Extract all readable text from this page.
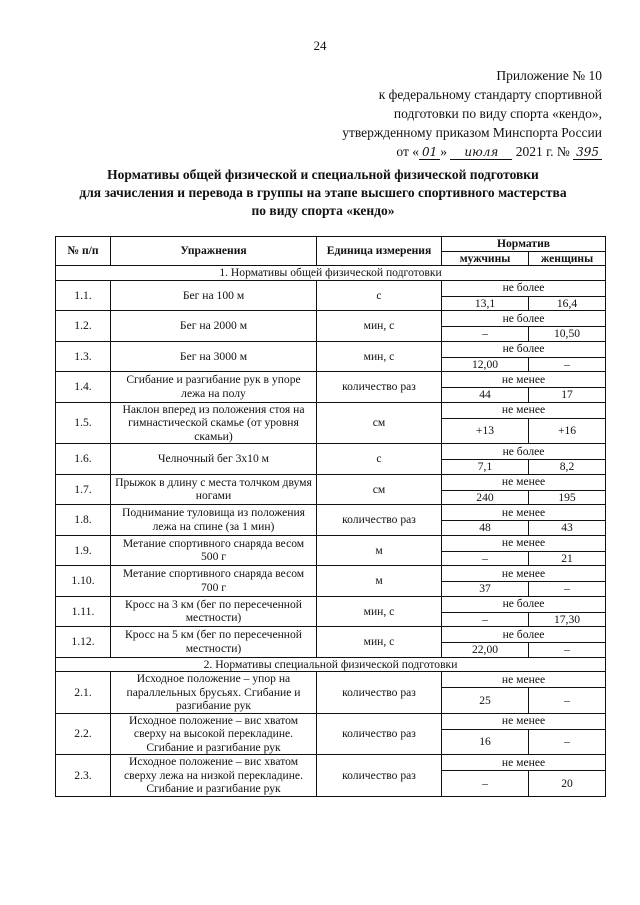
24
Приложение № 10
к федеральному стандарту спортивной
подготовки по виду спорта «кендо»,
утвержденному приказом Минспорта России
от « 01 » июля 2021 г. № 395
Нормативы общей физической и специальной физической подготовки
для зачисления и перевода в группы на этапе высшего спортивного мастерства
по виду спорта «кендо»
№ п/п	Упражнения	Единица измерения	Норматив	
			мужчины	женщины
1. Нормативы общей физической подготовки				
1.1.	Бег на 100 м	с	не более	
			13,1	16,4
1.2.	Бег на 2000 м	мин, с	не более	
			–	10,50
1.3.	Бег на 3000 м	мин, с	не более	
			12,00	–
1.4.	Сгибание и разгибание рук в упоре лежа на полу	количество раз	не менее	
			44	17
1.5.	Наклон вперед из положения стоя на гимнастической скамье (от уровня скамьи)	см	не менее	
			+13	+16
1.6.	Челночный бег 3х10 м	с	не более	
			7,1	8,2
1.7.	Прыжок в длину с места толчком двумя ногами	см	не менее	
			240	195
1.8.	Поднимание туловища из положения лежа на спине (за 1 мин)	количество раз	не менее	
			48	43
1.9.	Метание спортивного снаряда весом 500 г	м	не менее	
			–	21
1.10.	Метание спортивного снаряда весом 700 г	м	не менее	
			37	–
1.11.	Кросс на 3 км (бег по пересеченной местности)	мин, с	не более	
			–	17,30
1.12.	Кросс на 5 км (бег по пересеченной местности)	мин, с	не более	
			22,00	–
2. Нормативы специальной физической подготовки				
2.1.	Исходное положение – упор на параллельных брусьях. Сгибание и разгибание рук	количество раз	не менее	
			25	–
2.2.	Исходное положение – вис хватом сверху на высокой перекладине. Сгибание и разгибание рук	количество раз	не менее	
			16	–
2.3.	Исходное положение – вис хватом сверху лежа на низкой перекладине. Сгибание и разгибание рук	количество раз	не менее	
			–	20
